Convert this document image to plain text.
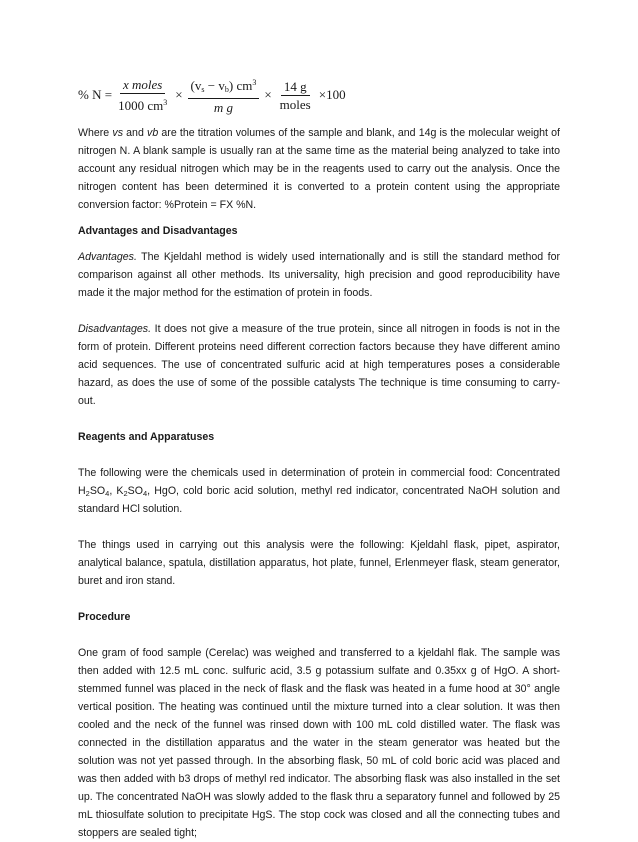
% $N = \frac{\text{x moles}}{1000 cm^3} \times \frac{(v_s - v_b) cm^3}{\text{m g}} \times \frac{14 g}{\text{moles}} \times 100$

Where vs and vb are the titration volumes of the sample and blank, and 14g is the molecular weight of nitrogen N. A blank sample is usually ran at the same time as the material being analyzed to take into account any residual nitrogen which may be in the reagents used to carry out the analysis. Once the nitrogen content has been determined it is converted to a protein content using the appropriate conversion factor: %Protein = FX %N.

Advantages and Disadvantages

Advantages. The Kjeldahl method is widely used internationally and is still the standard method for comparison against all other methods. Its universality, high precision and good reproducibility have made it the major method for the estimation of protein in foods.

Disadvantages. It does not give a measure of the true protein, since all nitrogen in foods is not in the form of protein. Different proteins need different correction factors because they have different amino acid sequences. The use of concentrated sulfuric acid at high temperatures poses a considerable hazard, as does the use of some of the possible catalysts The technique is time consuming to carry-out.

Reagents and Apparatuses

The following were the chemicals used in determination of protein in commercial food: Concentrated $H_2SO_4$, $K_2SO_4$, HgO, cold boric acid solution, methyl red indicator, concentrated NaOH solution and standard HCl solution.

The things used in carrying out this analysis were the following: Kjeldahl flask, pipet, aspirator, analytical balance, spatula, distillation apparatus, hot plate, funnel, Erlenmeyer flask, steam generator, buret and iron stand.

Procedure

One gram of food sample (Cerelac) was weighed and transferred to a kjeldahl flak. The sample was then added with 12.5 mL conc. sulfuric acid, 3.5 g potassium sulfate and 0.35xx g of HgO. A short-stemmed funnel was placed in the neck of flask and the flask was heated in a fume hood at 30° angle vertical position. The heating was continued until the mixture turned into a clear solution. It was then cooled and the neck of the funnel was rinsed down with 100 mL cold distilled water. The flask was connected in the distillation apparatus and the water in the steam generator was heated but the solution was not yet passed through. In the absorbing flask, 50 mL of cold boric acid was placed and was then added with b3 drops of methyl red indicator. The absorbing flask was also installed in the set up. The concentrated NaOH was slowly added to the flask thru a separatory funnel and followed by 25 mL thiosulfate solution to precipitate HgS. The stop cock was closed and all the connecting tubes and stoppers are sealed tight;
